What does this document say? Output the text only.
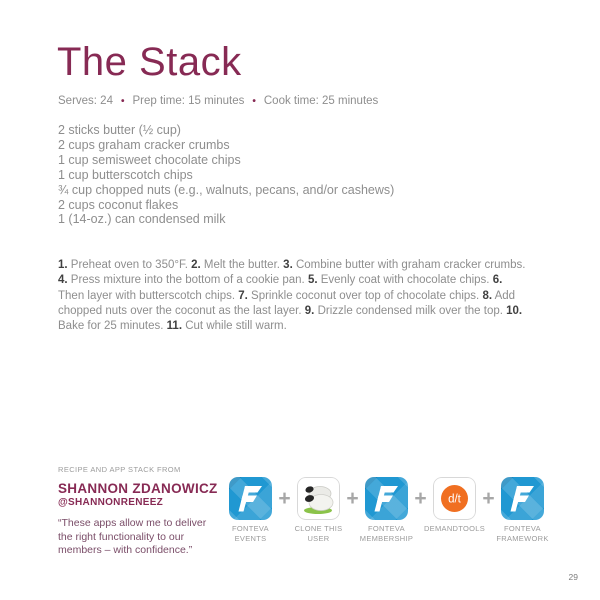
The Stack
Serves: 24 • Prep time: 15 minutes • Cook time: 25 minutes
2 sticks butter (½ cup)
2 cups graham cracker crumbs
1 cup semisweet chocolate chips
1 cup butterscotch chips
¾ cup chopped nuts (e.g., walnuts, pecans, and/or cashews)
2 cups coconut flakes
1 (14-oz.) can condensed milk

1. Preheat oven to 350°F. 2. Melt the butter. 3. Combine butter with graham cracker crumbs. 4. Press mixture into the bottom of a cookie pan. 5. Evenly coat with chocolate chips. 6. Then layer with butterscotch chips. 7. Sprinkle coconut over top of chocolate chips. 8. Add chopped nuts over the coconut as the last layer. 9. Drizzle condensed milk over the top. 10. Bake for 25 minutes. 11. Cut while still warm.

RECIPE AND APP STACK FROM
SHANNON ZDANOWICZ
@SHANNONRENEEZ
“These apps allow me to deliver the right functionality to our members – with confidence.”
FONTEVA
EVENTS
+
CLONE THIS
USER
+
FONTEVA
MEMBERSHIP
+	d/t
DEMANDTOOLS
+
FONTEVA
FRAMEWORK
29
